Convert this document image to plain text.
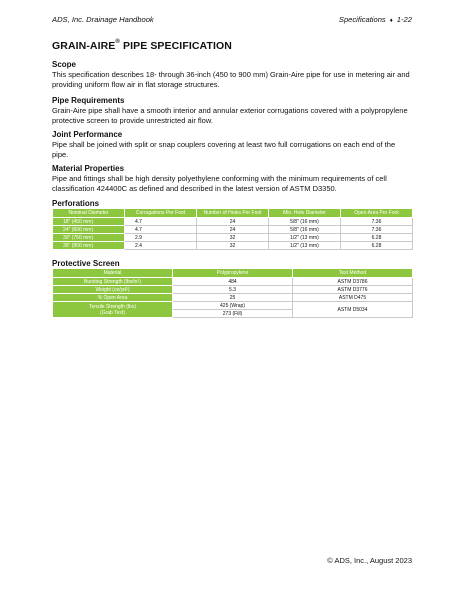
ADS, Inc. Drainage Handbook	Specifications ♦ 1-22
GRAIN-AIRE® PIPE SPECIFICATION
Scope
This specification describes 18- through 36-inch (450 to 900 mm) Grain-Aire pipe for use in metering air and providing uniform flow air in flat storage structures.
Pipe Requirements
Grain-Aire pipe shall have a smooth interior and annular exterior corrugations covered with a polypropylene protective screen to provide unrestricted air flow.
Joint Performance
Pipe shall be joined with split or snap couplers covering at least two full corrugations on each end of the pipe.
Material Properties
Pipe and fittings shall be high density polyethylene conforming with the minimum requirements of cell classification 424400C as defined and described in the latest version of ASTM D3350.
Perforations
Nominal Diameter	Corrugations Per Foot	Number of Holes Per Foot	Min. Hole Diameter	Open Area Per Foot
18" (450 mm)	4.7	24	5/8" (16 mm)	7.36
24" (600 mm)	4.7	24	5/8" (16 mm)	7.36
30" (750 mm)	2.9	32	1/2" (13 mm)	6.28
36" (900 mm)	2.4	32	1/2" (13 mm)	6.28
Protective Screen
Material	Polypropylene	Test Method
Bursting Strength $(lbs/in^2)$	484	ASTM D3786
Weight $(oz/yd^2)$	5.3	ASTM D3776
% Open Area	25	ASTM D475
Tensile Strength (lbs)
(Grab Test)	425 (Wrap)	ASTM D5034
	273 (Fill)	
© ADS, Inc., August 2023
